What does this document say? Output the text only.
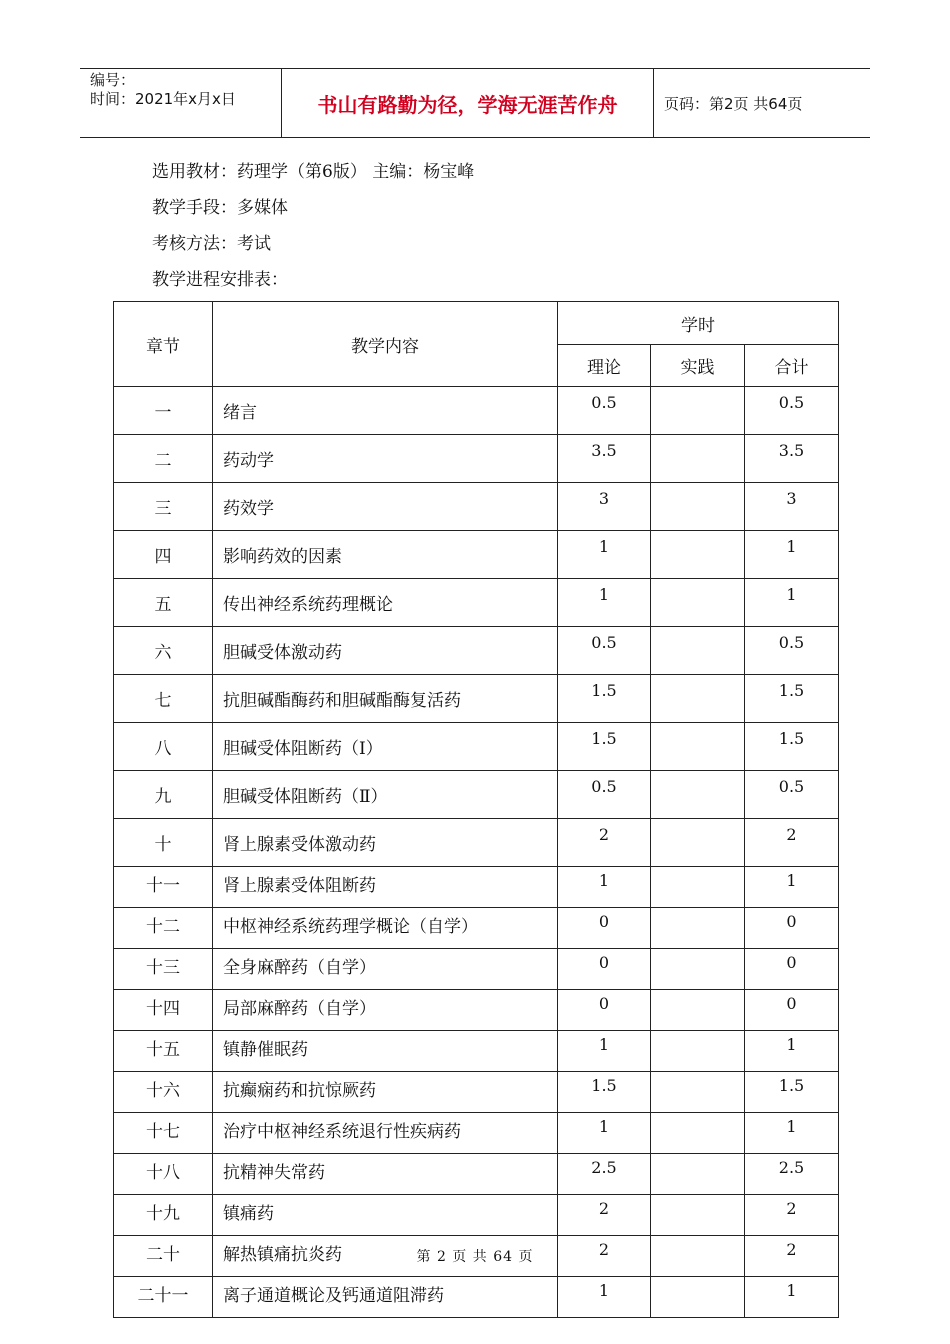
编号：
时间：2021年x月x日	书山有路勤为径，学海无涯苦作舟	页码：第2页 共64页
选用教材：药理学（第6版） 主编：杨宝峰
教学手段：多媒体
考核方法：考试
教学进程安排表：
章节	教学内容	学时		
		理论	实践	合计
一	绪言	0.5		0.5
二	药动学	3.5		3.5
三	药效学	3		3
四	影响药效的因素	1		1
五	传出神经系统药理概论	1		1
六	胆碱受体激动药	0.5		0.5
七	抗胆碱酯酶药和胆碱酯酶复活药	1.5		1.5
八	胆碱受体阻断药（Ⅰ）	1.5		1.5
九	胆碱受体阻断药（Ⅱ）	0.5		0.5
十	肾上腺素受体激动药	2		2
十一	肾上腺素受体阻断药	1		1
十二	中枢神经系统药理学概论（自学）	0		0
十三	全身麻醉药（自学）	0		0
十四	局部麻醉药（自学）	0		0
十五	镇静催眠药	1		1
十六	抗癫痫药和抗惊厥药	1.5		1.5
十七	治疗中枢神经系统退行性疾病药	1		1
十八	抗精神失常药	2.5		2.5
十九	镇痛药	2		2
二十	解热镇痛抗炎药	2		2
二十一	离子通道概论及钙通道阻滞药	1		1
第 2 页 共 64 页
